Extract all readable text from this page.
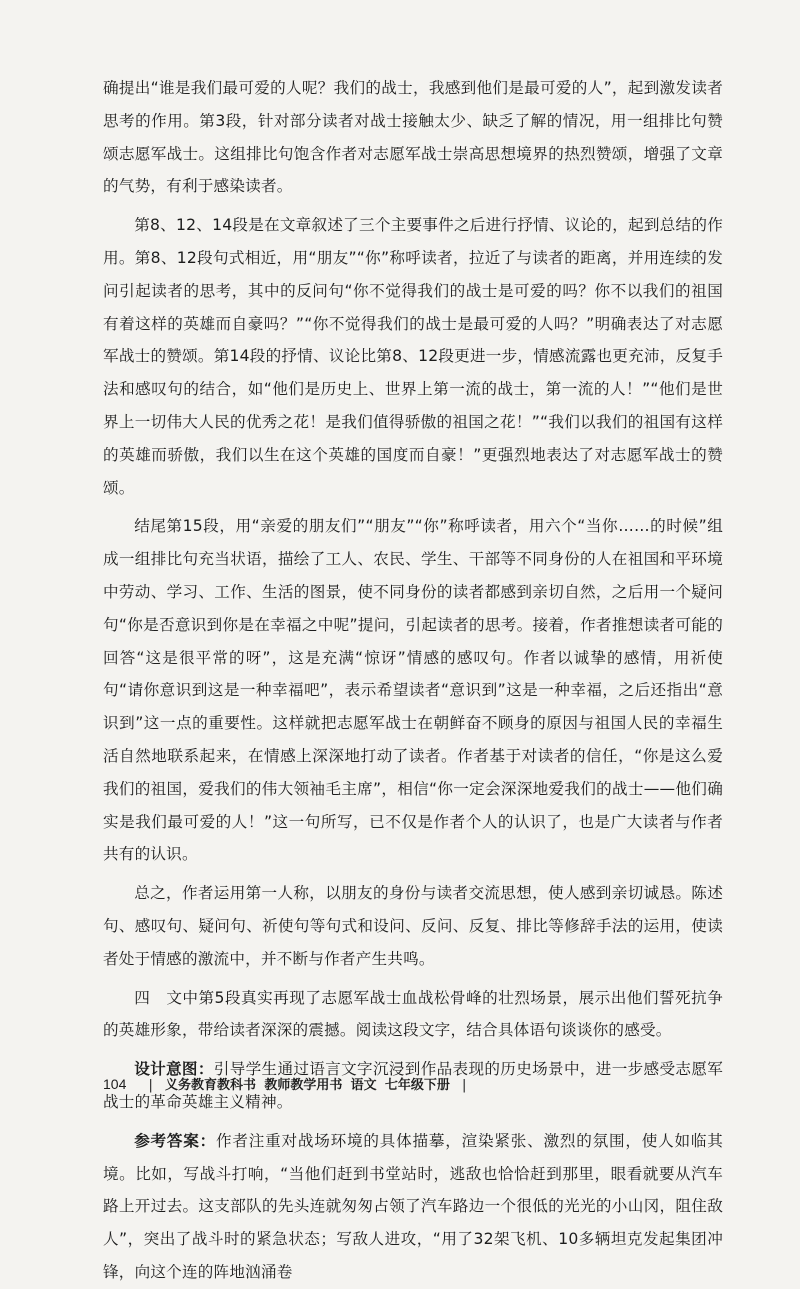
确提出“谁是我们最可爱的人呢？我们的战士，我感到他们是最可爱的人”，起到激发读者思考的作用。第3段，针对部分读者对战士接触太少、缺乏了解的情况，用一组排比句赞颂志愿军战士。这组排比句饱含作者对志愿军战士崇高思想境界的热烈赞颂，增强了文章的气势，有利于感染读者。

第8、12、14段是在文章叙述了三个主要事件之后进行抒情、议论的，起到总结的作用。第8、12段句式相近，用“朋友”“你”称呼读者，拉近了与读者的距离，并用连续的发问引起读者的思考，其中的反问句“你不觉得我们的战士是可爱的吗？你不以我们的祖国有着这样的英雄而自豪吗？”“你不觉得我们的战士是最可爱的人吗？”明确表达了对志愿军战士的赞颂。第14段的抒情、议论比第8、12段更进一步，情感流露也更充沛，反复手法和感叹句的结合，如“他们是历史上、世界上第一流的战士，第一流的人！”“他们是世界上一切伟大人民的优秀之花！是我们值得骄傲的祖国之花！”“我们以我们的祖国有这样的英雄而骄傲，我们以生在这个英雄的国度而自豪！”更强烈地表达了对志愿军战士的赞颂。

结尾第15段，用“亲爱的朋友们”“朋友”“你”称呼读者，用六个“当你……的时候”组成一组排比句充当状语，描绘了工人、农民、学生、干部等不同身份的人在祖国和平环境中劳动、学习、工作、生活的图景，使不同身份的读者都感到亲切自然，之后用一个疑问句“你是否意识到你是在幸福之中呢”提问，引起读者的思考。接着，作者推想读者可能的回答“这是很平常的呀”，这是充满“惊讶”情感的感叹句。作者以诚挚的感情，用祈使句“请你意识到这是一种幸福吧”，表示希望读者“意识到”这是一种幸福，之后还指出“意识到”这一点的重要性。这样就把志愿军战士在朝鲜奋不顾身的原因与祖国人民的幸福生活自然地联系起来，在情感上深深地打动了读者。作者基于对读者的信任，“你是这么爱我们的祖国，爱我们的伟大领袖毛主席”，相信“你一定会深深地爱我们的战士——他们确实是我们最可爱的人！”这一句所写，已不仅是作者个人的认识了，也是广大读者与作者共有的认识。

总之，作者运用第一人称，以朋友的身份与读者交流思想，使人感到亲切诚恳。陈述句、感叹句、疑问句、祈使句等句式和设问、反问、反复、排比等修辞手法的运用，使读者处于情感的激流中，并不断与作者产生共鸣。

四　文中第5段真实再现了志愿军战士血战松骨峰的壮烈场景，展示出他们誓死抗争的英雄形象，带给读者深深的震撼。阅读这段文字，结合具体语句谈谈你的感受。

设计意图：引导学生通过语言文字沉浸到作品表现的历史场景中，进一步感受志愿军战士的革命英雄主义精神。

参考答案：作者注重对战场环境的具体描摹，渲染紧张、激烈的氛围，使人如临其境。比如，写战斗打响，“当他们赶到书堂站时，逃敌也恰恰赶到那里，眼看就要从汽车路上开过去。这支部队的先头连就匆匆占领了汽车路边一个很低的光光的小山冈，阻住敌人”，突出了战斗时的紧急状态；写敌人进攻，“用了32架飞机、10多辆坦克发起集团冲锋，向这个连的阵地汹涌卷

104 | 义务教育教科书 教师教学用书 语文 七年级下册 |
